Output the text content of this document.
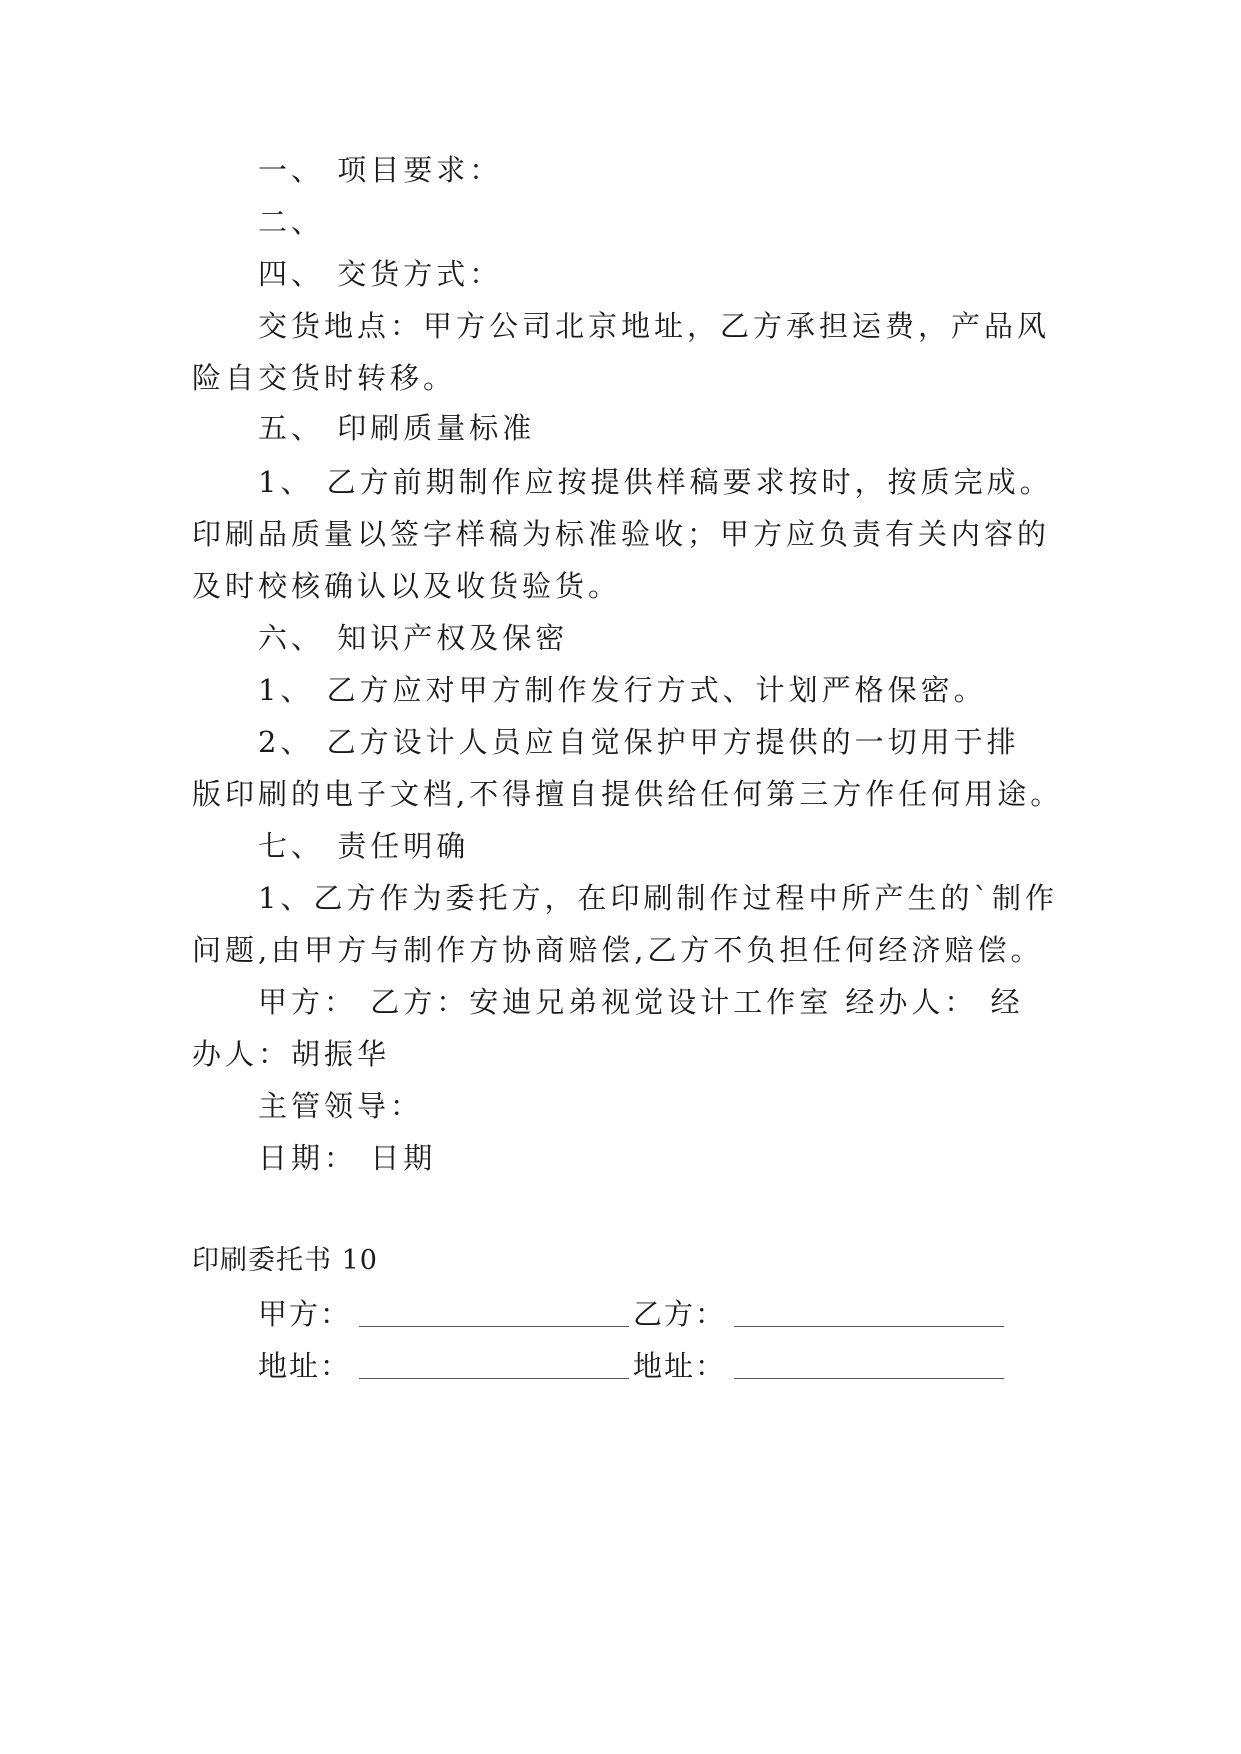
一、 项目要求：
二、
四、 交货方式：
交货地点：甲方公司北京地址，乙方承担运费，产品风
险自交货时转移。
五、 印刷质量标准
1、 乙方前期制作应按提供样稿要求按时，按质完成。
印刷品质量以签字样稿为标准验收；甲方应负责有关内容的
及时校核确认以及收货验货。
六、 知识产权及保密
1、 乙方应对甲方制作发行方式、计划严格保密。
2、 乙方设计人员应自觉保护甲方提供的一切用于排
版印刷的电子文档,不得擅自提供给任何第三方作任何用途。
七、 责任明确
1、乙方作为委托方，在印刷制作过程中所产生的`制作
问题,由甲方与制作方协商赔偿,乙方不负担任何经济赔偿。
甲方： 乙方：安迪兄弟视觉设计工作室 经办人： 经
办人：胡振华
主管领导：
日期： 日期
印刷委托书 10
甲方：	乙方：
地址：	地址：
